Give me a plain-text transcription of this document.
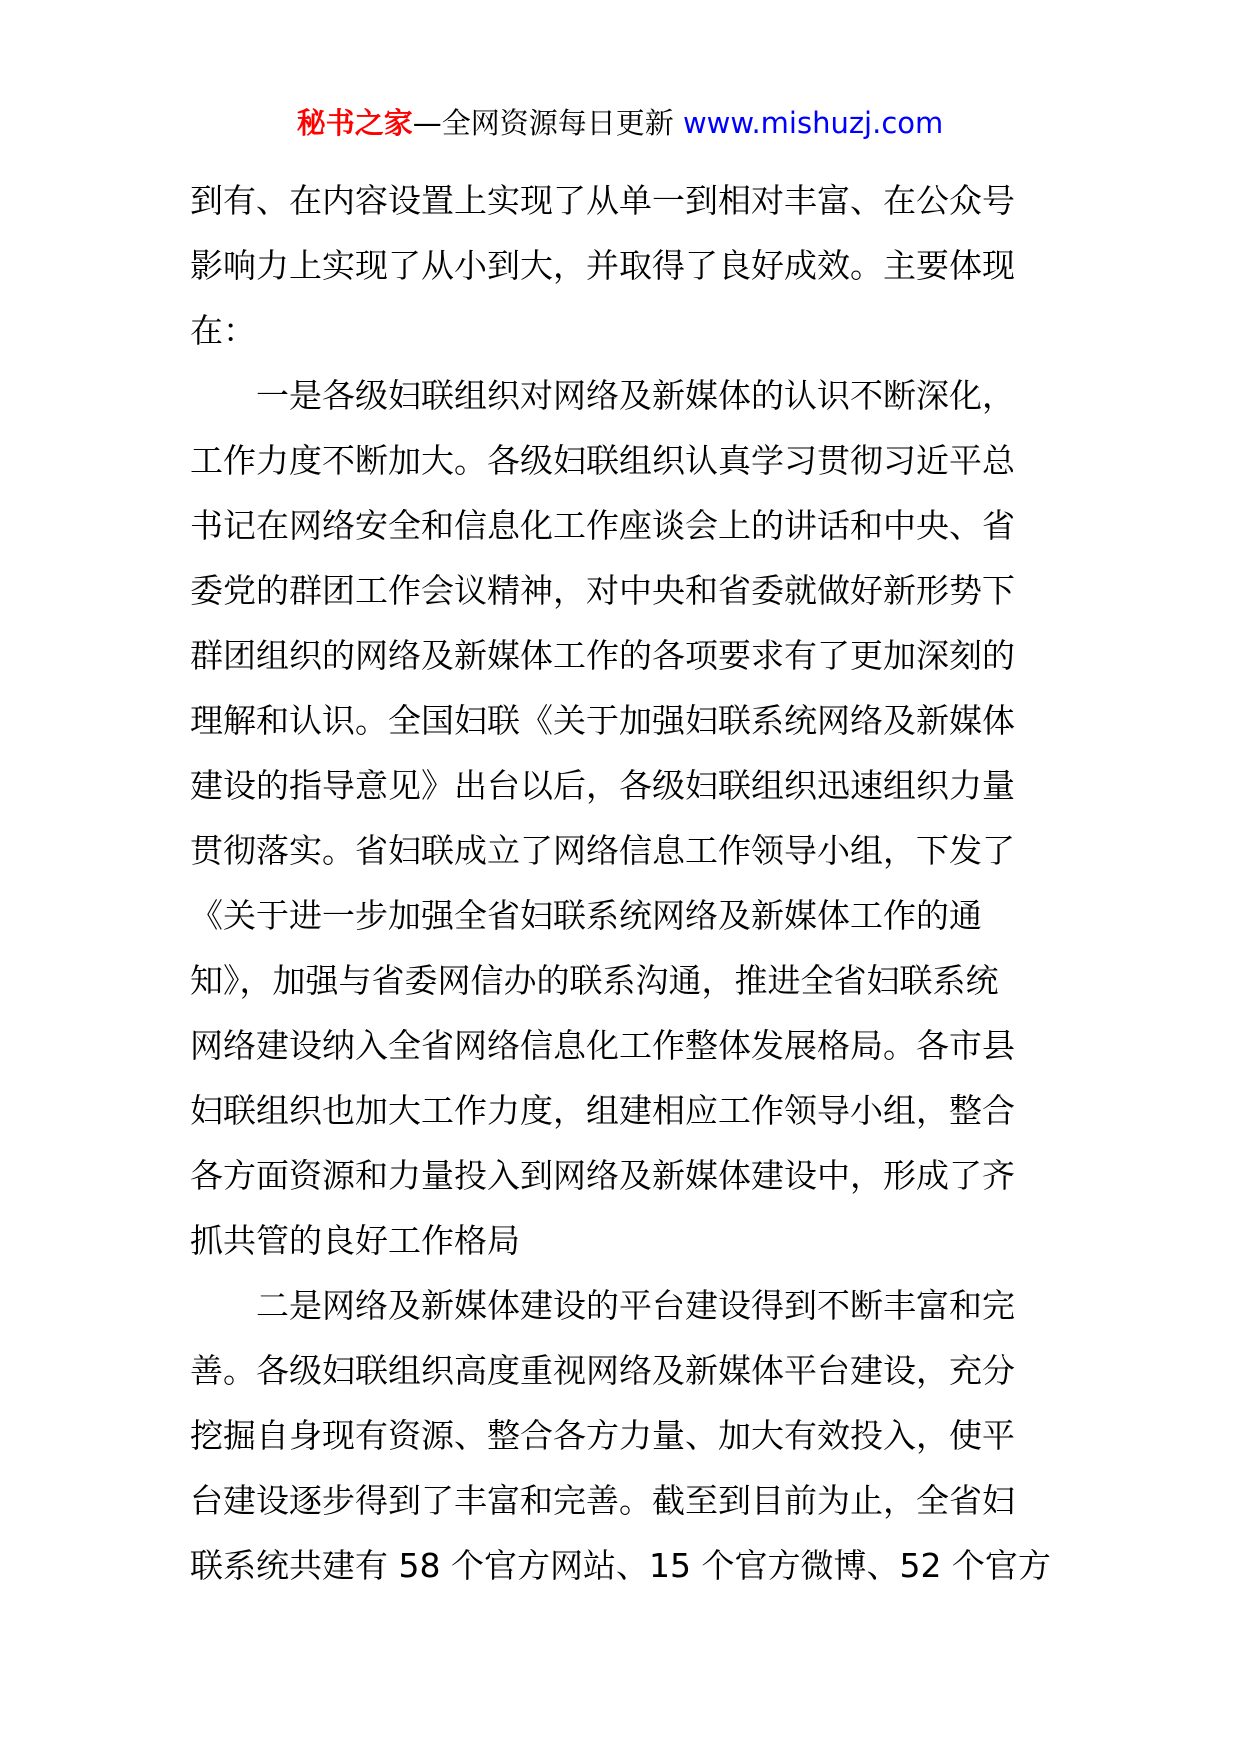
秘书之家—全网资源每日更新 www.mishuzj.com
到有、在内容设置上实现了从单一到相对丰富、在公众号
影响力上实现了从小到大，并取得了良好成效。主要体现
在：
一是各级妇联组织对网络及新媒体的认识不断深化，
工作力度不断加大。各级妇联组织认真学习贯彻习近平总
书记在网络安全和信息化工作座谈会上的讲话和中央、省
委党的群团工作会议精神，对中央和省委就做好新形势下
群团组织的网络及新媒体工作的各项要求有了更加深刻的
理解和认识。全国妇联《关于加强妇联系统网络及新媒体
建设的指导意见》出台以后，各级妇联组织迅速组织力量
贯彻落实。省妇联成立了网络信息工作领导小组，下发了
《关于进一步加强全省妇联系统网络及新媒体工作的通
知》，加强与省委网信办的联系沟通，推进全省妇联系统
网络建设纳入全省网络信息化工作整体发展格局。各市县
妇联组织也加大工作力度，组建相应工作领导小组，整合
各方面资源和力量投入到网络及新媒体建设中，形成了齐
抓共管的良好工作格局
二是网络及新媒体建设的平台建设得到不断丰富和完
善。各级妇联组织高度重视网络及新媒体平台建设，充分
挖掘自身现有资源、整合各方力量、加大有效投入，使平
台建设逐步得到了丰富和完善。截至到目前为止，全省妇
联系统共建有 58 个官方网站、15 个官方微博、52 个官方
